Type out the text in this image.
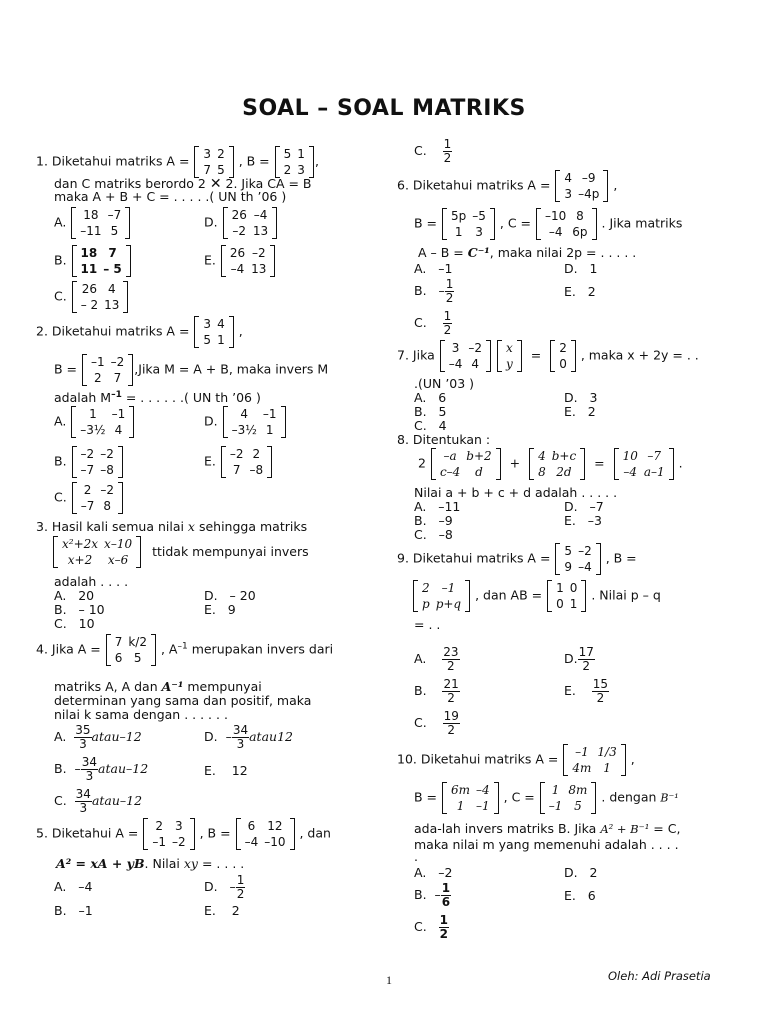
SOAL – SOAL MATRIKS
1. Diketahui matriks A = 3	2
7	5
, B = 5	1
2	3
,
dan C matriks berordo 2 ✕ 2. Jika CA = B
maka A + B + C = . . . . .( UN th ’06 )
A. 18	–7
–11	5
D. 26	–4
–2	13
B. 18	7
11	– 5
E. 26	–2
–4	13
C. 26	4
– 2	13
2. Diketahui matriks A = 3	4
5	1
,
B = –1	–2
2	7
,Jika M = A + B, maka invers M
adalah $M^{-1}$ = . . . . . .( UN th ’06 )
A. 1	–1
–3½	4
D. 4	–1
–3½	1
B. –2	–2
–7	–8
E. –2	2
7	–8
C. 2	–2
–7	8
3. Hasil kali semua nilai x sehingga matriks
x²+2x	x–10
x+2	x–6
ttidak mempunyai invers
adalah . . . .
A. 20	D. – 20
B. – 10	E. 9
C. 10
4. Jika A = 7	k/2
6	5
, $A^{-1}$ merupakan invers dari
matriks A, A dan A⁻¹ mempunyai
determinan yang sama dan positif, maka
nilai k sama dengan . . . . . .
A. $\frac{35}{3}$ atau–12	D. – $\frac{34}{3}$ atau12
B. – $\frac{34}{3}$ atau–12	E. 12
C. $\frac{34}{3}$ atau–12
5. Diketahui A = 2	3
–1	–2
, B = 6	12
–4	–10
, dan
A² = xA + yB. Nilai xy = . . . .
A. –4	D. – $\frac{1}{2}$
B. –1	E. 2
C. $\frac{1}{2}$
6. Diketahui matriks A = 4	–9
3	–4p
,
B = 5p	–5
1	3
, C = –10	8
–4	6p
. Jika matriks
A – B = C⁻¹, maka nilai 2p = . . . . .
A. –1	D. 1
B. – $\frac{1}{2}$	E. 2
C. $\frac{1}{2}$
7. Jika 3	–2
–4	4

x
y
= 2
0
, maka x + 2y = . .
.(UN ’03 )
A. 6	D. 3
B. 5	E. 2
C. 4
8. Ditentukan :
2 –a	b+2
c–4	d
+ 4	b+c
8	2d
= 10	–7
–4	a–1
.
Nilai a + b + c + d adalah . . . . .
A. –11	D. –7
B. –9	E. –3
C. –8
9. Diketahui matriks A = 5	–2
9	–4
, B =
2	–1
p	p+q
, dan AB = 1	0
0	1
. Nilai p – q
= . .
A. $\frac{23}{2}$	D. $\frac{17}{2}$
B. $\frac{21}{2}$	E. $\frac{15}{2}$
C. $\frac{19}{2}$
10. Diketahui matriks A = –1	1/3
4m	1
,
B = 6m	–4
1	–1
, C = 1	8m
–1	5
. dengan B⁻¹
ada-lah invers matriks B. Jika A² + B⁻¹ = C,
maka nilai m yang memenuhi adalah . . . .
.
A. –2	D. 2
B. – $\frac{1}{6}$	E. 6
C. $\frac{1}{2}$
1	Oleh: Adi Prasetia
